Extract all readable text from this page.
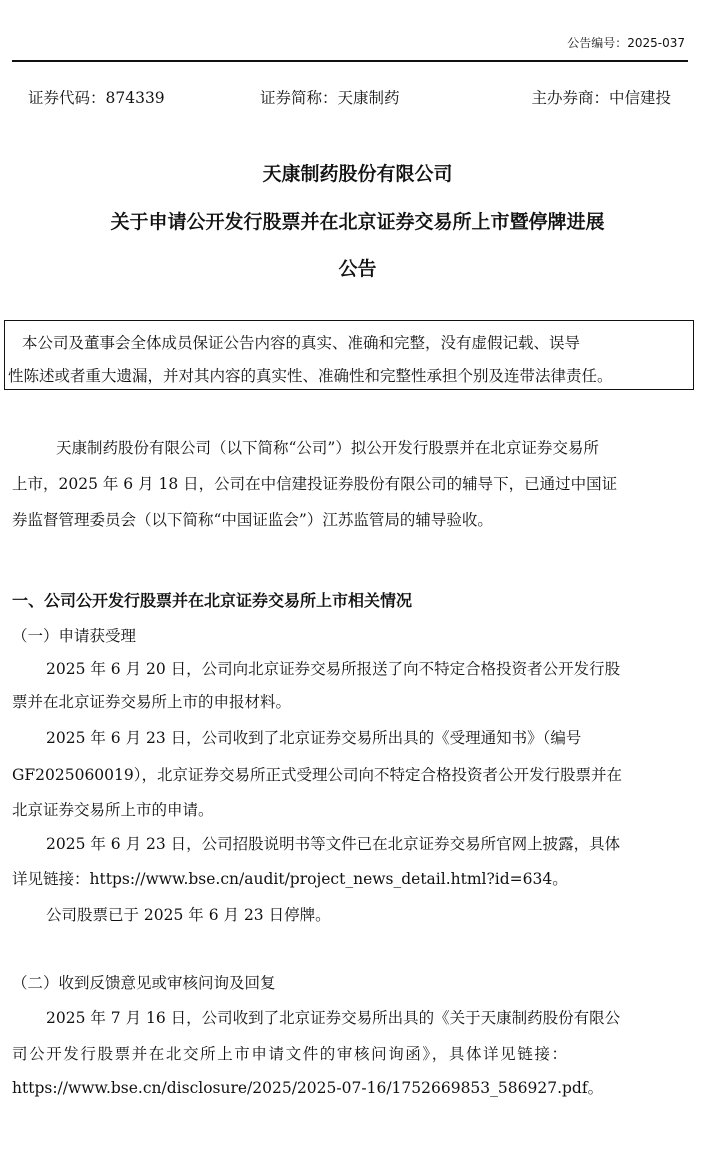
公告编号：2025-037
证券代码：874339	证券简称：天康制药	主办券商：中信建投
天康制药股份有限公司
关于申请公开发行股票并在北京证券交易所上市暨停牌进展
公告
本公司及董事会全体成员保证公告内容的真实、准确和完整，没有虚假记载、误导
性陈述或者重大遗漏，并对其内容的真实性、准确性和完整性承担个别及连带法律责任。
天康制药股份有限公司（以下简称“公司”）拟公开发行股票并在北京证券交易所
上市，2025 年 6 月 18 日，公司在中信建投证券股份有限公司的辅导下，已通过中国证
券监督管理委员会（以下简称“中国证监会”）江苏监管局的辅导验收。
一、公司公开发行股票并在北京证券交易所上市相关情况
（一）申请获受理
2025 年 6 月 20 日，公司向北京证券交易所报送了向不特定合格投资者公开发行股
票并在北京证券交易所上市的申报材料。
2025 年 6 月 23 日，公司收到了北京证券交易所出具的《受理通知书》（编号
GF2025060019），北京证券交易所正式受理公司向不特定合格投资者公开发行股票并在
北京证券交易所上市的申请。
2025 年 6 月 23 日，公司招股说明书等文件已在北京证券交易所官网上披露，具体
详见链接：https://www.bse.cn/audit/project_news_detail.html?id=634。
公司股票已于 2025 年 6 月 23 日停牌。
（二）收到反馈意见或审核问询及回复
2025 年 7 月 16 日，公司收到了北京证券交易所出具的《关于天康制药股份有限公
司公开发行股票并在北交所上市申请文件的审核问询函》，具体详见链接：
https://www.bse.cn/disclosure/2025/2025-07-16/1752669853_586927.pdf。
